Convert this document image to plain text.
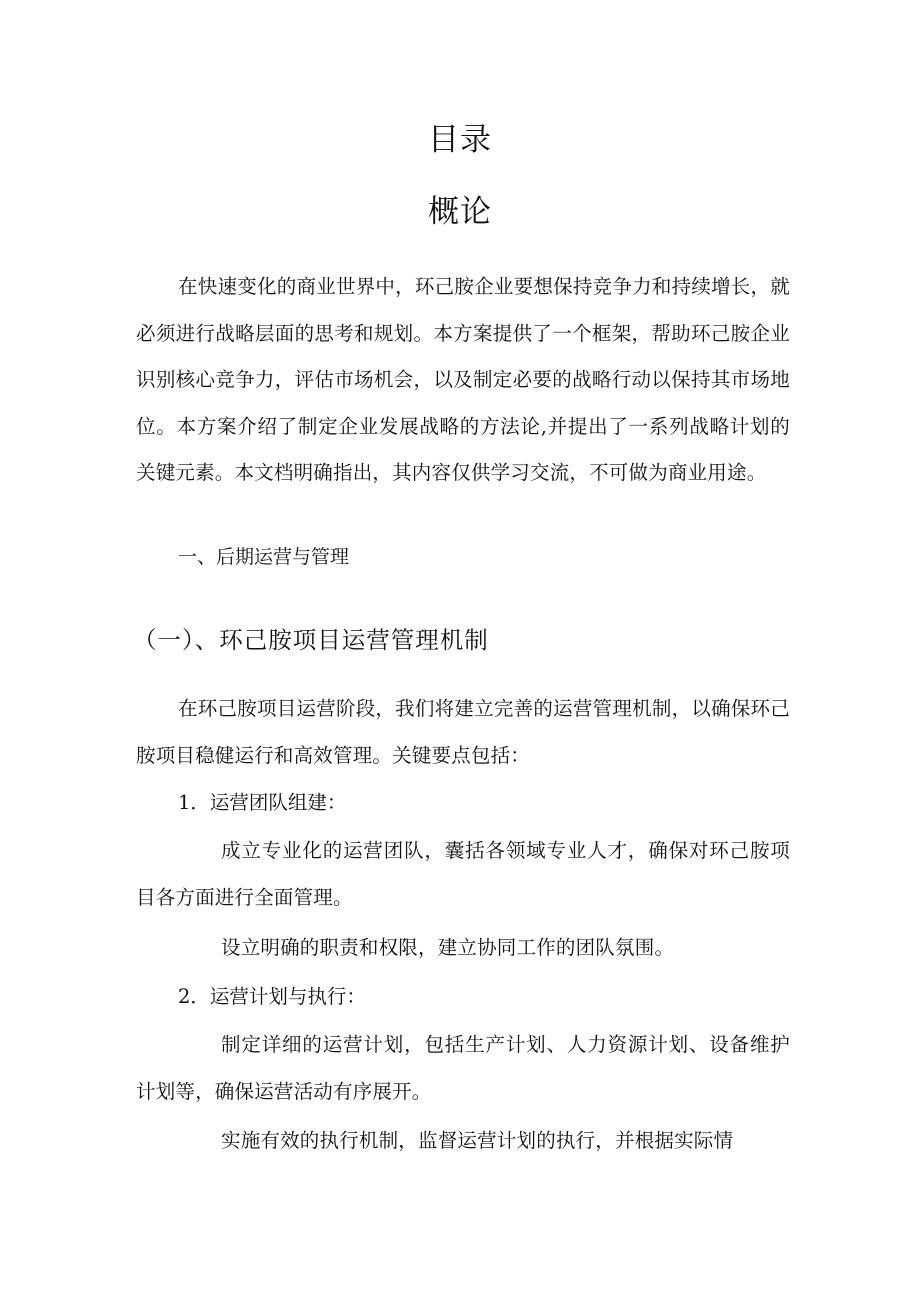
目录
概论
在快速变化的商业世界中，环己胺企业要想保持竞争力和持续增长，就必须进行战略层面的思考和规划。本方案提供了一个框架，帮助环己胺企业识别核心竞争力，评估市场机会，以及制定必要的战略行动以保持其市场地位。本方案介绍了制定企业发展战略的方法论,并提出了一系列战略计划的关键元素。本文档明确指出，其内容仅供学习交流，不可做为商业用途。
一、后期运营与管理
（一）、环己胺项目运营管理机制
在环己胺项目运营阶段，我们将建立完善的运营管理机制，以确保环己胺项目稳健运行和高效管理。关键要点包括：
1．运营团队组建：
成立专业化的运营团队，囊括各领域专业人才，确保对环己胺项目各方面进行全面管理。
设立明确的职责和权限，建立协同工作的团队氛围。
2．运营计划与执行：
制定详细的运营计划，包括生产计划、人力资源计划、设备维护计划等，确保运营活动有序展开。
实施有效的执行机制，监督运营计划的执行，并根据实际情
